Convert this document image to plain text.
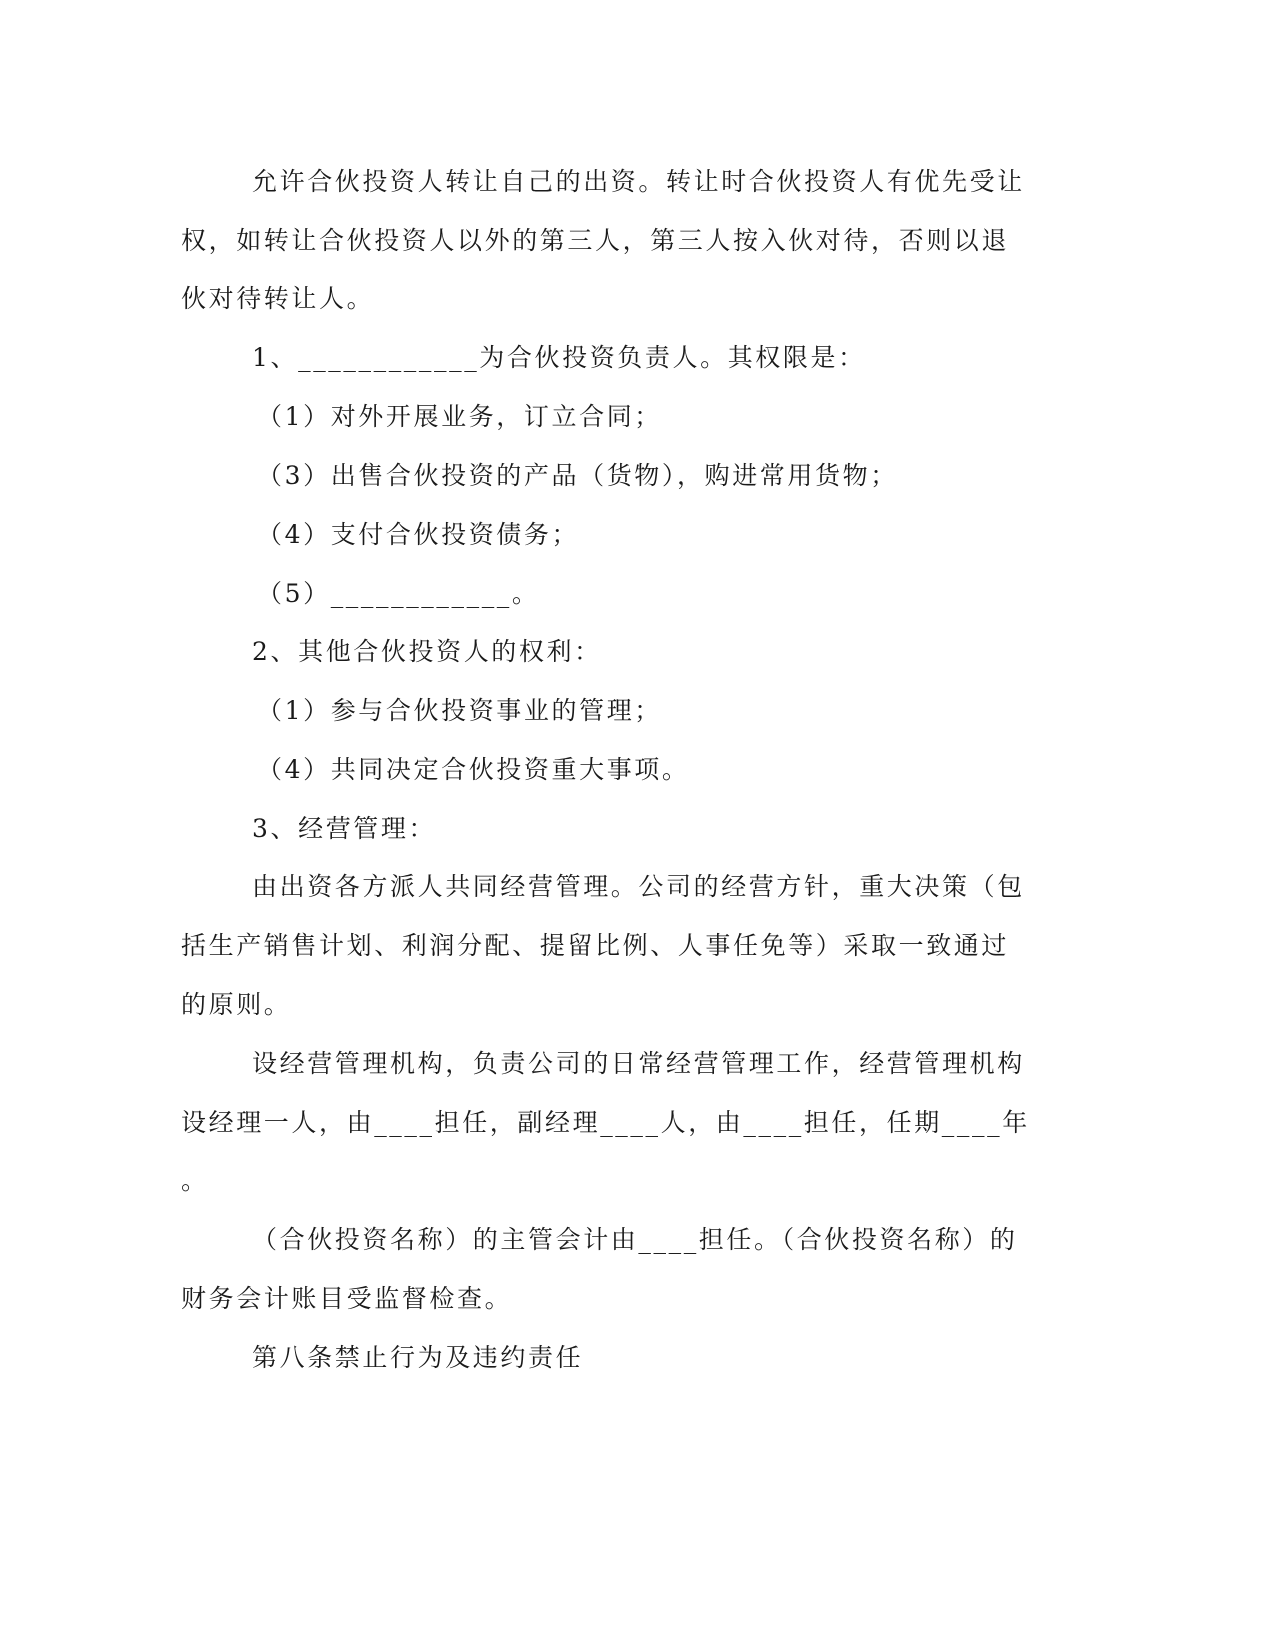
允许合伙投资人转让自己的出资。转让时合伙投资人有优先受让
权，如转让合伙投资人以外的第三人，第三人按入伙对待，否则以退
伙对待转让人。
1、____________为合伙投资负责人。其权限是：
（1）对外开展业务，订立合同；
（3）出售合伙投资的产品（货物），购进常用货物；
（4）支付合伙投资债务；
（5）____________。
2、其他合伙投资人的权利：
（1）参与合伙投资事业的管理；
（4）共同决定合伙投资重大事项。
3、经营管理：
由出资各方派人共同经营管理。公司的经营方针，重大决策（包
括生产销售计划、利润分配、提留比例、人事任免等）采取一致通过
的原则。
设经营管理机构，负责公司的日常经营管理工作，经营管理机构
设经理一人，由____担任，副经理____人，由____担任，任期____年
。
（合伙投资名称）的主管会计由____担任。（合伙投资名称）的
财务会计账目受监督检查。
第八条禁止行为及违约责任
